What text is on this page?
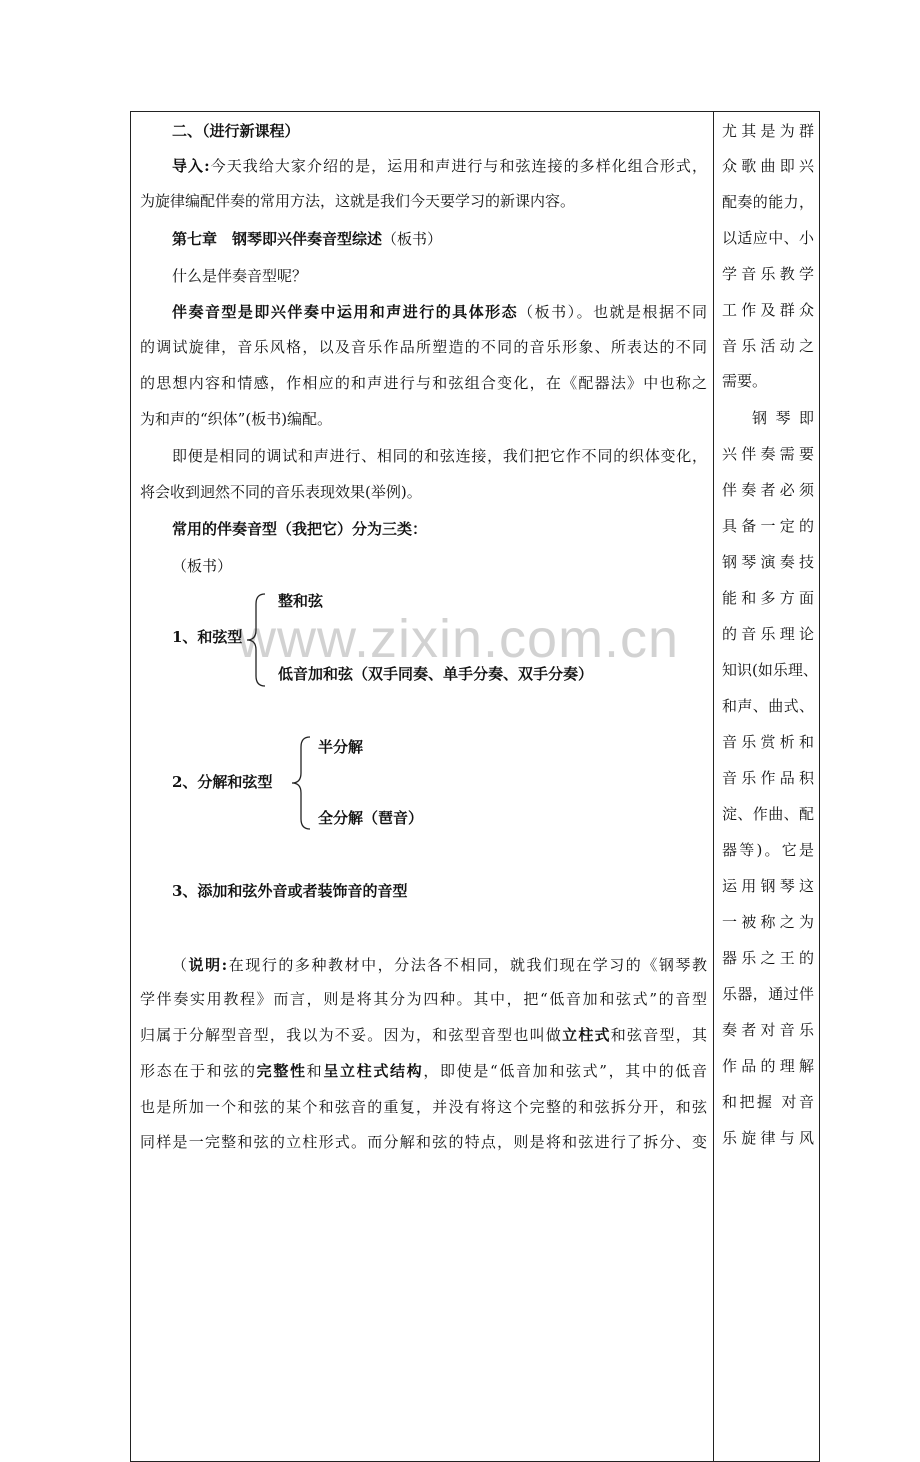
www.zixin.com.cn
二、（进行新课程）
导入:今天我给大家介绍的是，运用和声进行与和弦连接的多样化组合形式，
为旋律编配伴奏的常用方法，这就是我们今天要学习的新课内容。
第七章　钢琴即兴伴奏音型综述（板书）
什么是伴奏音型呢？
伴奏音型是即兴伴奏中运用和声进行的具体形态（板书）。也就是根据不同
的调试旋律，音乐风格，以及音乐作品所塑造的不同的音乐形象、所表达的不同
的思想内容和情感，作相应的和声进行与和弦组合变化，在《配器法》中也称之
为和声的“织体”(板书)编配。
即便是相同的调试和声进行、相同的和弦连接，我们把它作不同的织体变化，
将会收到迥然不同的音乐表现效果(举例)。
常用的伴奏音型（我把它）分为三类：
（板书）
1、和弦型
整和弦
低音加和弦（双手同奏、单手分奏、双手分奏）
2、分解和弦型
半分解
全分解（琶音）
3、添加和弦外音或者装饰音的音型
（说明:在现行的多种教材中，分法各不相同，就我们现在学习的《钢琴教
学伴奏实用教程》而言，则是将其分为四种。其中，把“低音加和弦式”的音型
归属于分解型音型，我以为不妥。因为，和弦型音型也叫做立柱式和弦音型，其
形态在于和弦的完整性和呈立柱式结构，即使是“低音加和弦式”，其中的低音
也是所加一个和弦的某个和弦音的重复，并没有将这个完整的和弦拆分开，和弦
同样是一完整和弦的立柱形式。而分解和弦的特点，则是将和弦进行了拆分、变
尤其是为群
众歌曲即兴
配奏的能力，
以适应中、小
学音乐教学
工作及群众
音乐活动之
需要。
钢琴即
兴伴奏需要
伴奏者必须
具备一定的
钢琴演奏技
能和多方面
的音乐理论
知识(如乐理、
和声、曲式、
音乐赏析和
音乐作品积
淀、作曲、配
器等)。它是
运用钢琴这
一被称之为
器乐之王的
乐器，通过伴
奏者对音乐
作品的理解
和把握 对音
乐旋律与风
